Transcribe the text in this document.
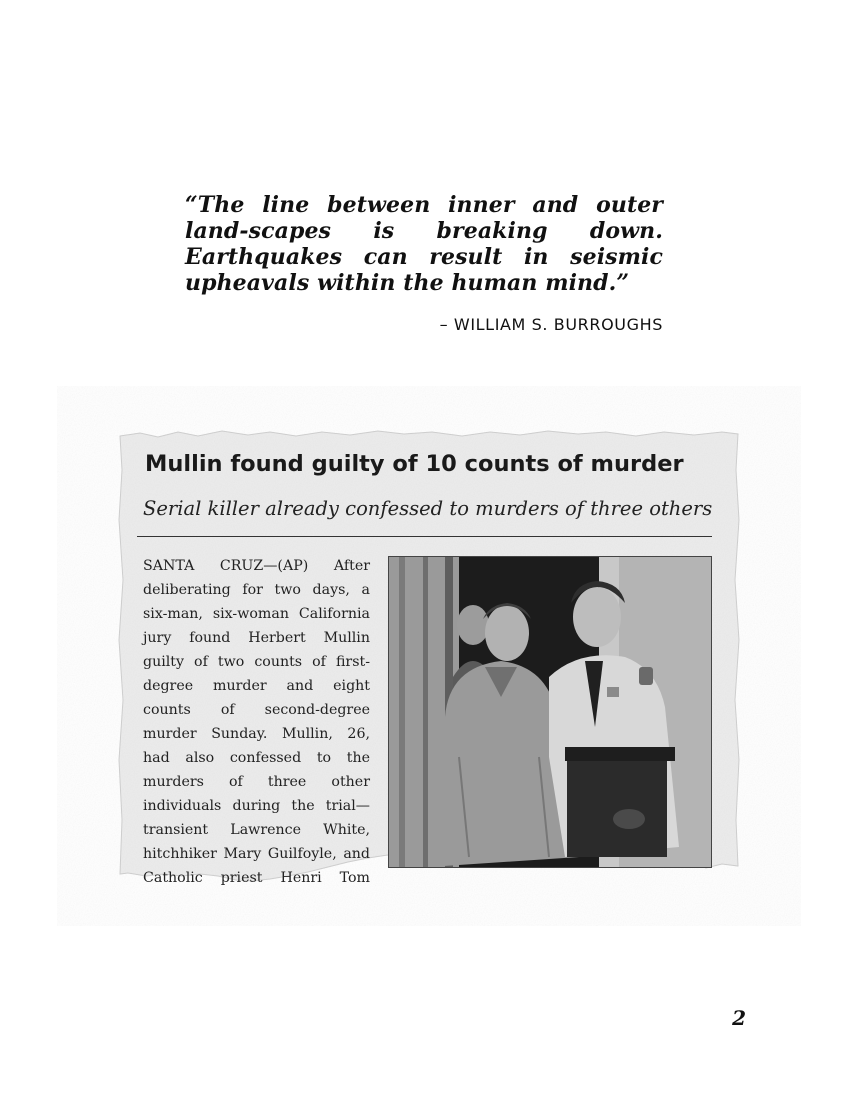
“The line between inner and outer land-scapes is breaking down. Earthquakes can result in seismic upheavals within the human mind.”

– WILLIAM S. BURROUGHS
Mullin found guilty of 10 counts of murder
Serial killer already confessed to murders of three others

SANTA CRUZ—(AP) After deliberating for two days, a six-man, six-woman California jury found Herbert Mullin guilty of two counts of first-degree murder and eight counts of second-degree murder Sunday. Mullin, 26, had also confessed to the murders of three other individuals during the trial—transient Lawrence White, hitchhiker Mary Guilfoyle, and Catholic priest Henri Tom

2
